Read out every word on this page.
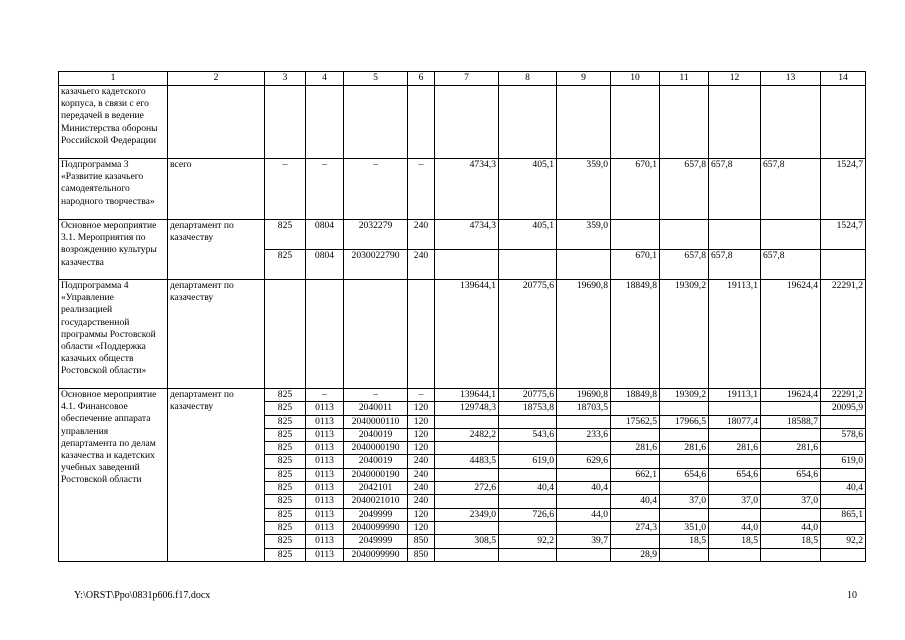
1	2	3	4	5	6	7	8	9	10	11	12	13	14
казачьего кадетского корпуса, в связи с его передачей в ведение Министерства обороны Российской Федерации													
Подпрограмма 3 «Развитие казачьего самодеятельного народного творчества»	всего	–	–	–	–	4734,3	405,1	359,0	670,1	657,8	657,8	657,8	1524,7
Основное мероприятие 3.1. Мероприятия по возрождению культуры казачества	департамент по казачеству	825	0804	2032279	240	4734,3	405,1	359,0					1524,7
		825	0804	2030022790	240				670,1	657,8	657,8	657,8	
Подпрограмма 4 «Управление реализацией государственной программы Ростовской области «Поддержка казачьих обществ Ростовской области»	департамент по казачеству					139644,1	20775,6	19690,8	18849,8	19309,2	19113,1	19624,4	22291,2
Основное мероприятие 4.1. Финансовое обеспечение аппарата управления департамента по делам казачества и кадетских учебных заведений Ростовской области	департамент по казачеству	825	–	–	–	139644,1	20775,6	19690,8	18849,8	19309,2	19113,1	19624,4	22291,2
		825	0113	2040011	120	129748,3	18753,8	18703,5					20095,9
		825	0113	2040000110	120				17562,5	17966,5	18077,4	18588,7	
		825	0113	2040019	120	2482,2	543,6	233,6					578,6
		825	0113	2040000190	120				281,6	281,6	281,6	281,6	
		825	0113	2040019	240	4483,5	619,0	629,6					619,0
		825	0113	2040000190	240				662,1	654,6	654,6	654,6	
		825	0113	2042101	240	272,6	40,4	40,4					40,4
		825	0113	2040021010	240				40,4	37,0	37,0	37,0	
		825	0113	2049999	120	2349,0	726,6	44,0					865,1
		825	0113	2040099990	120				274,3	351,0	44,0	44,0	
		825	0113	2049999	850	308,5	92,2	39,7		18,5	18,5	18,5	92,2
		825	0113	2040099990	850				28,9				
Y:\ORST\Ppo\0831p606.f17.docx	10
